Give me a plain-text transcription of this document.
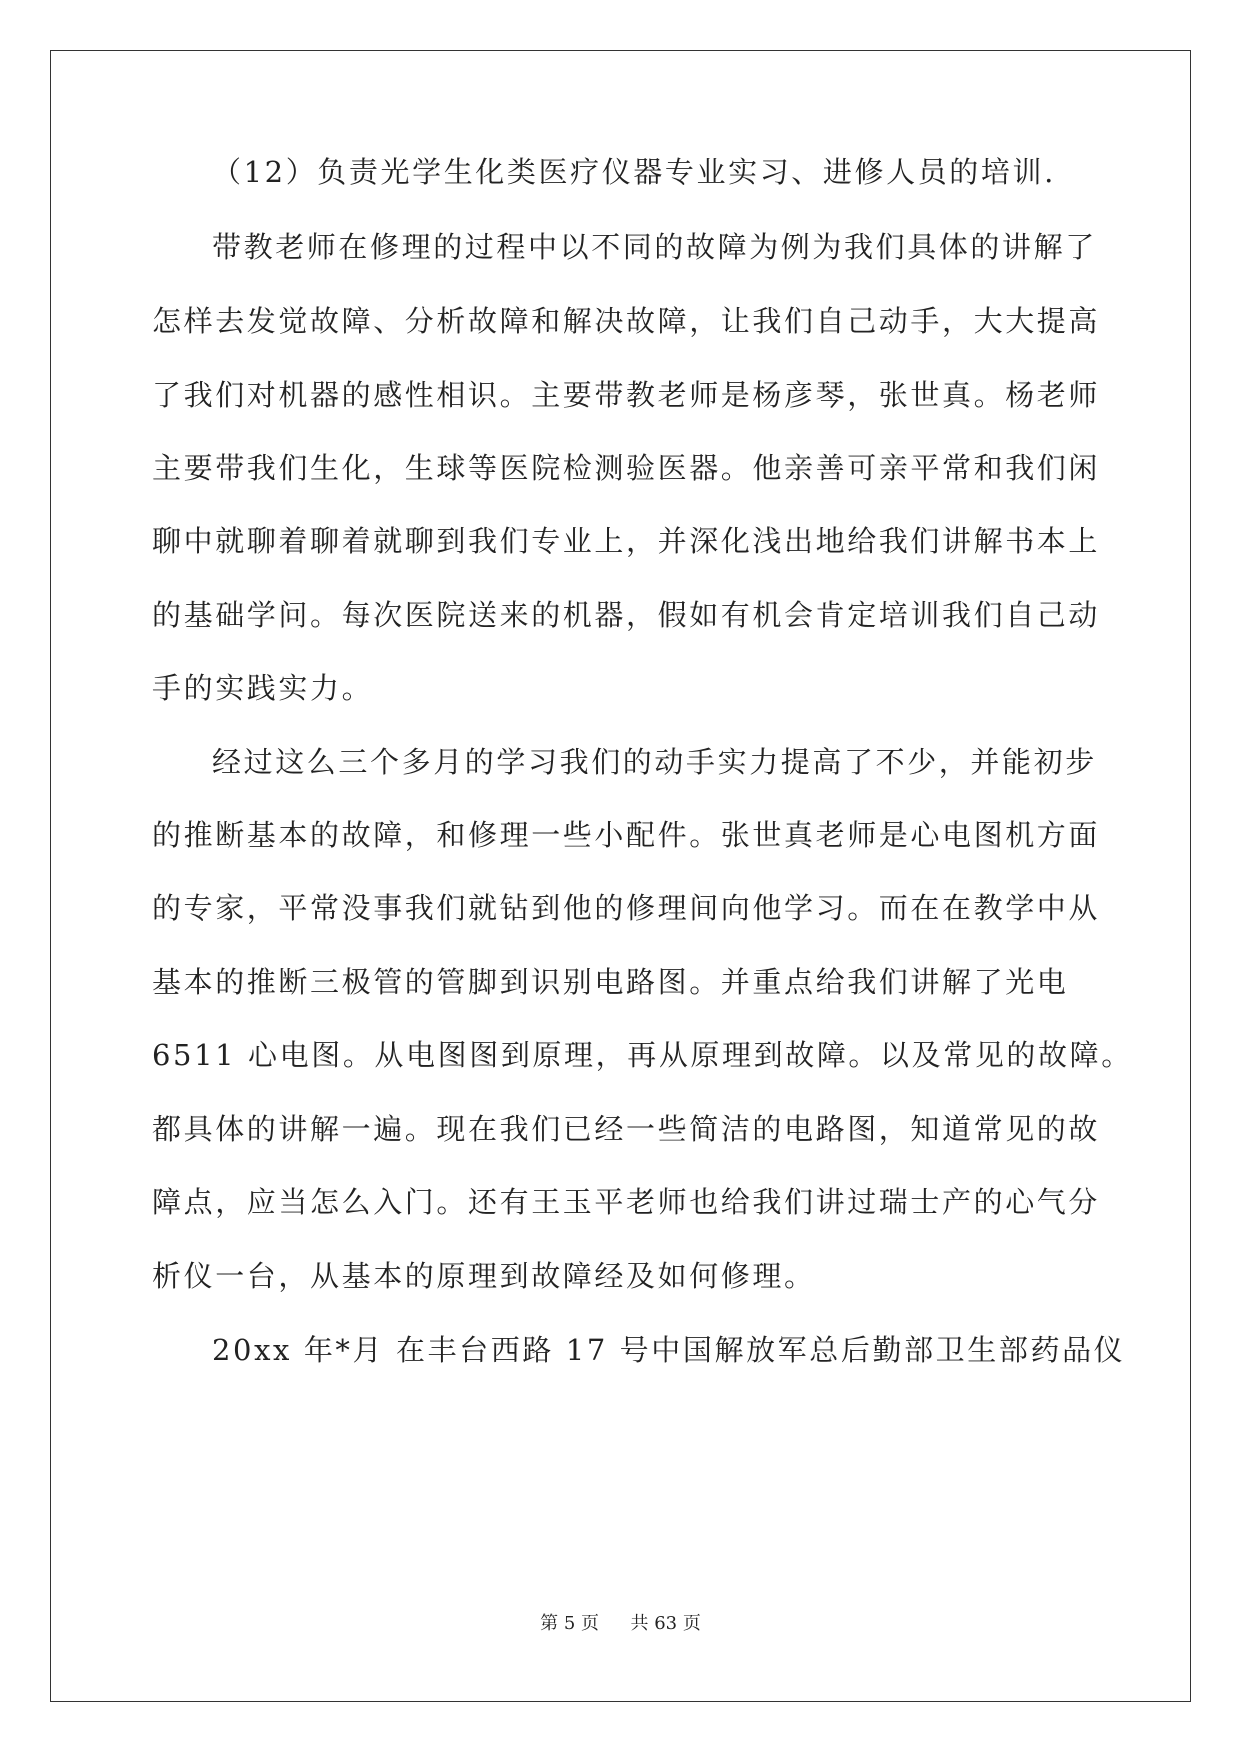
（12）负责光学生化类医疗仪器专业实习、进修人员的培训.
带教老师在修理的过程中以不同的故障为例为我们具体的讲解了
怎样去发觉故障、分析故障和解决故障，让我们自己动手，大大提高
了我们对机器的感性相识。主要带教老师是杨彦琴，张世真。杨老师
主要带我们生化，生球等医院检测验医器。他亲善可亲平常和我们闲
聊中就聊着聊着就聊到我们专业上，并深化浅出地给我们讲解书本上
的基础学问。每次医院送来的机器，假如有机会肯定培训我们自己动
手的实践实力。
经过这么三个多月的学习我们的动手实力提高了不少，并能初步
的推断基本的故障，和修理一些小配件。张世真老师是心电图机方面
的专家，平常没事我们就钻到他的修理间向他学习。而在在教学中从
基本的推断三极管的管脚到识别电路图。并重点给我们讲解了光电
6511 心电图。从电图图到原理，再从原理到故障。以及常见的故障。
都具体的讲解一遍。现在我们已经一些简洁的电路图，知道常见的故
障点，应当怎么入门。还有王玉平老师也给我们讲过瑞士产的心气分
析仪一台，从基本的原理到故障经及如何修理。
20xx 年*月 在丰台西路 17 号中国解放军总后勤部卫生部药品仪
第 5 页 共 63 页
